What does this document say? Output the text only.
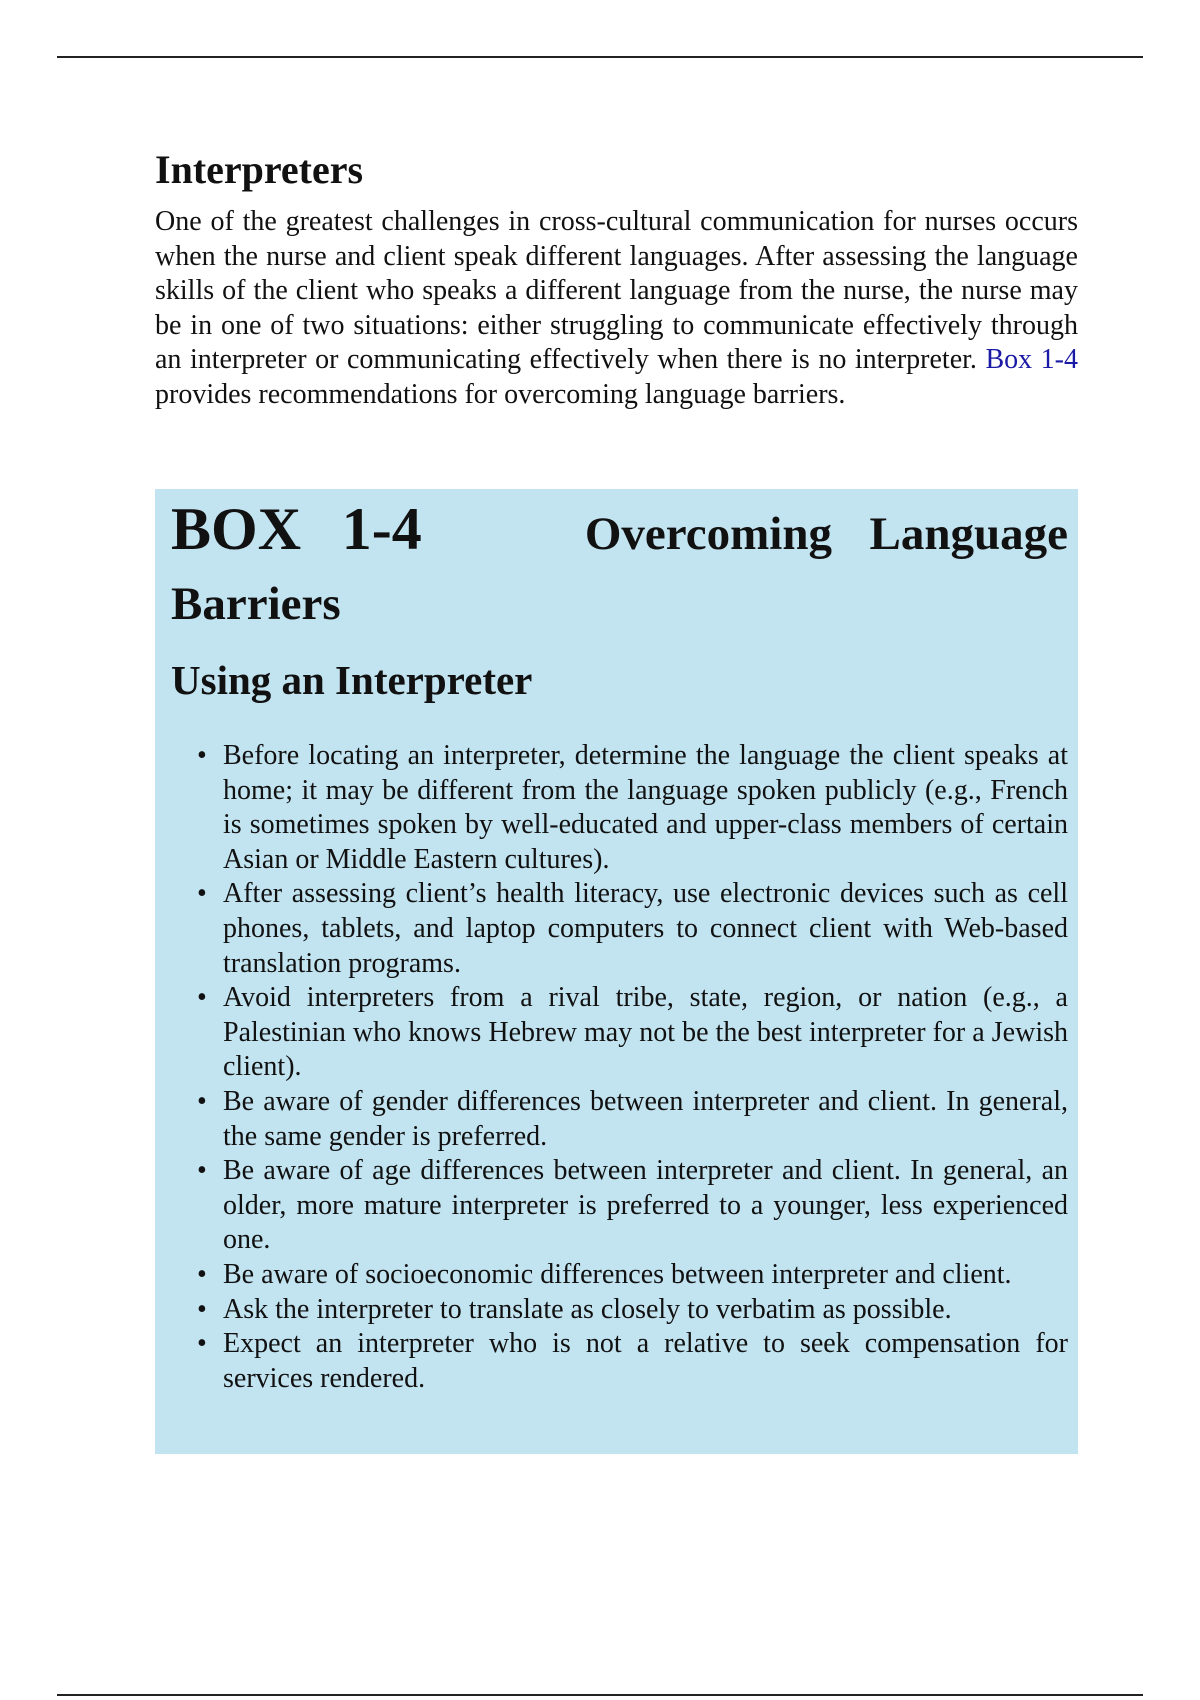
Interpreters

One of the greatest challenges in cross-cultural communication for nurses occurs when the nurse and client speak different languages. After assessing the language skills of the client who speaks a different language from the nurse, the nurse may be in one of two situations: either struggling to communicate effectively through an interpreter or communicating effectively when there is no interpreter. Box 1-4 provides recommendations for overcoming language barriers.

BOX 1-4	Overcoming Language Barriers
Using an Interpreter
• Before locating an interpreter, determine the language the client speaks at home; it may be different from the language spoken publicly (e.g., French is sometimes spoken by well-educated and upper-class members of certain Asian or Middle Eastern cultures).
• After assessing client’s health literacy, use electronic devices such as cell phones, tablets, and laptop computers to connect client with Web-based translation programs.
• Avoid interpreters from a rival tribe, state, region, or nation (e.g., a Palestinian who knows Hebrew may not be the best interpreter for a Jewish client).
• Be aware of gender differences between interpreter and client. In general, the same gender is preferred.
• Be aware of age differences between interpreter and client. In general, an older, more mature interpreter is preferred to a younger, less experienced one.
• Be aware of socioeconomic differences between interpreter and client.
• Ask the interpreter to translate as closely to verbatim as possible.
• Expect an interpreter who is not a relative to seek compensation for services rendered.
